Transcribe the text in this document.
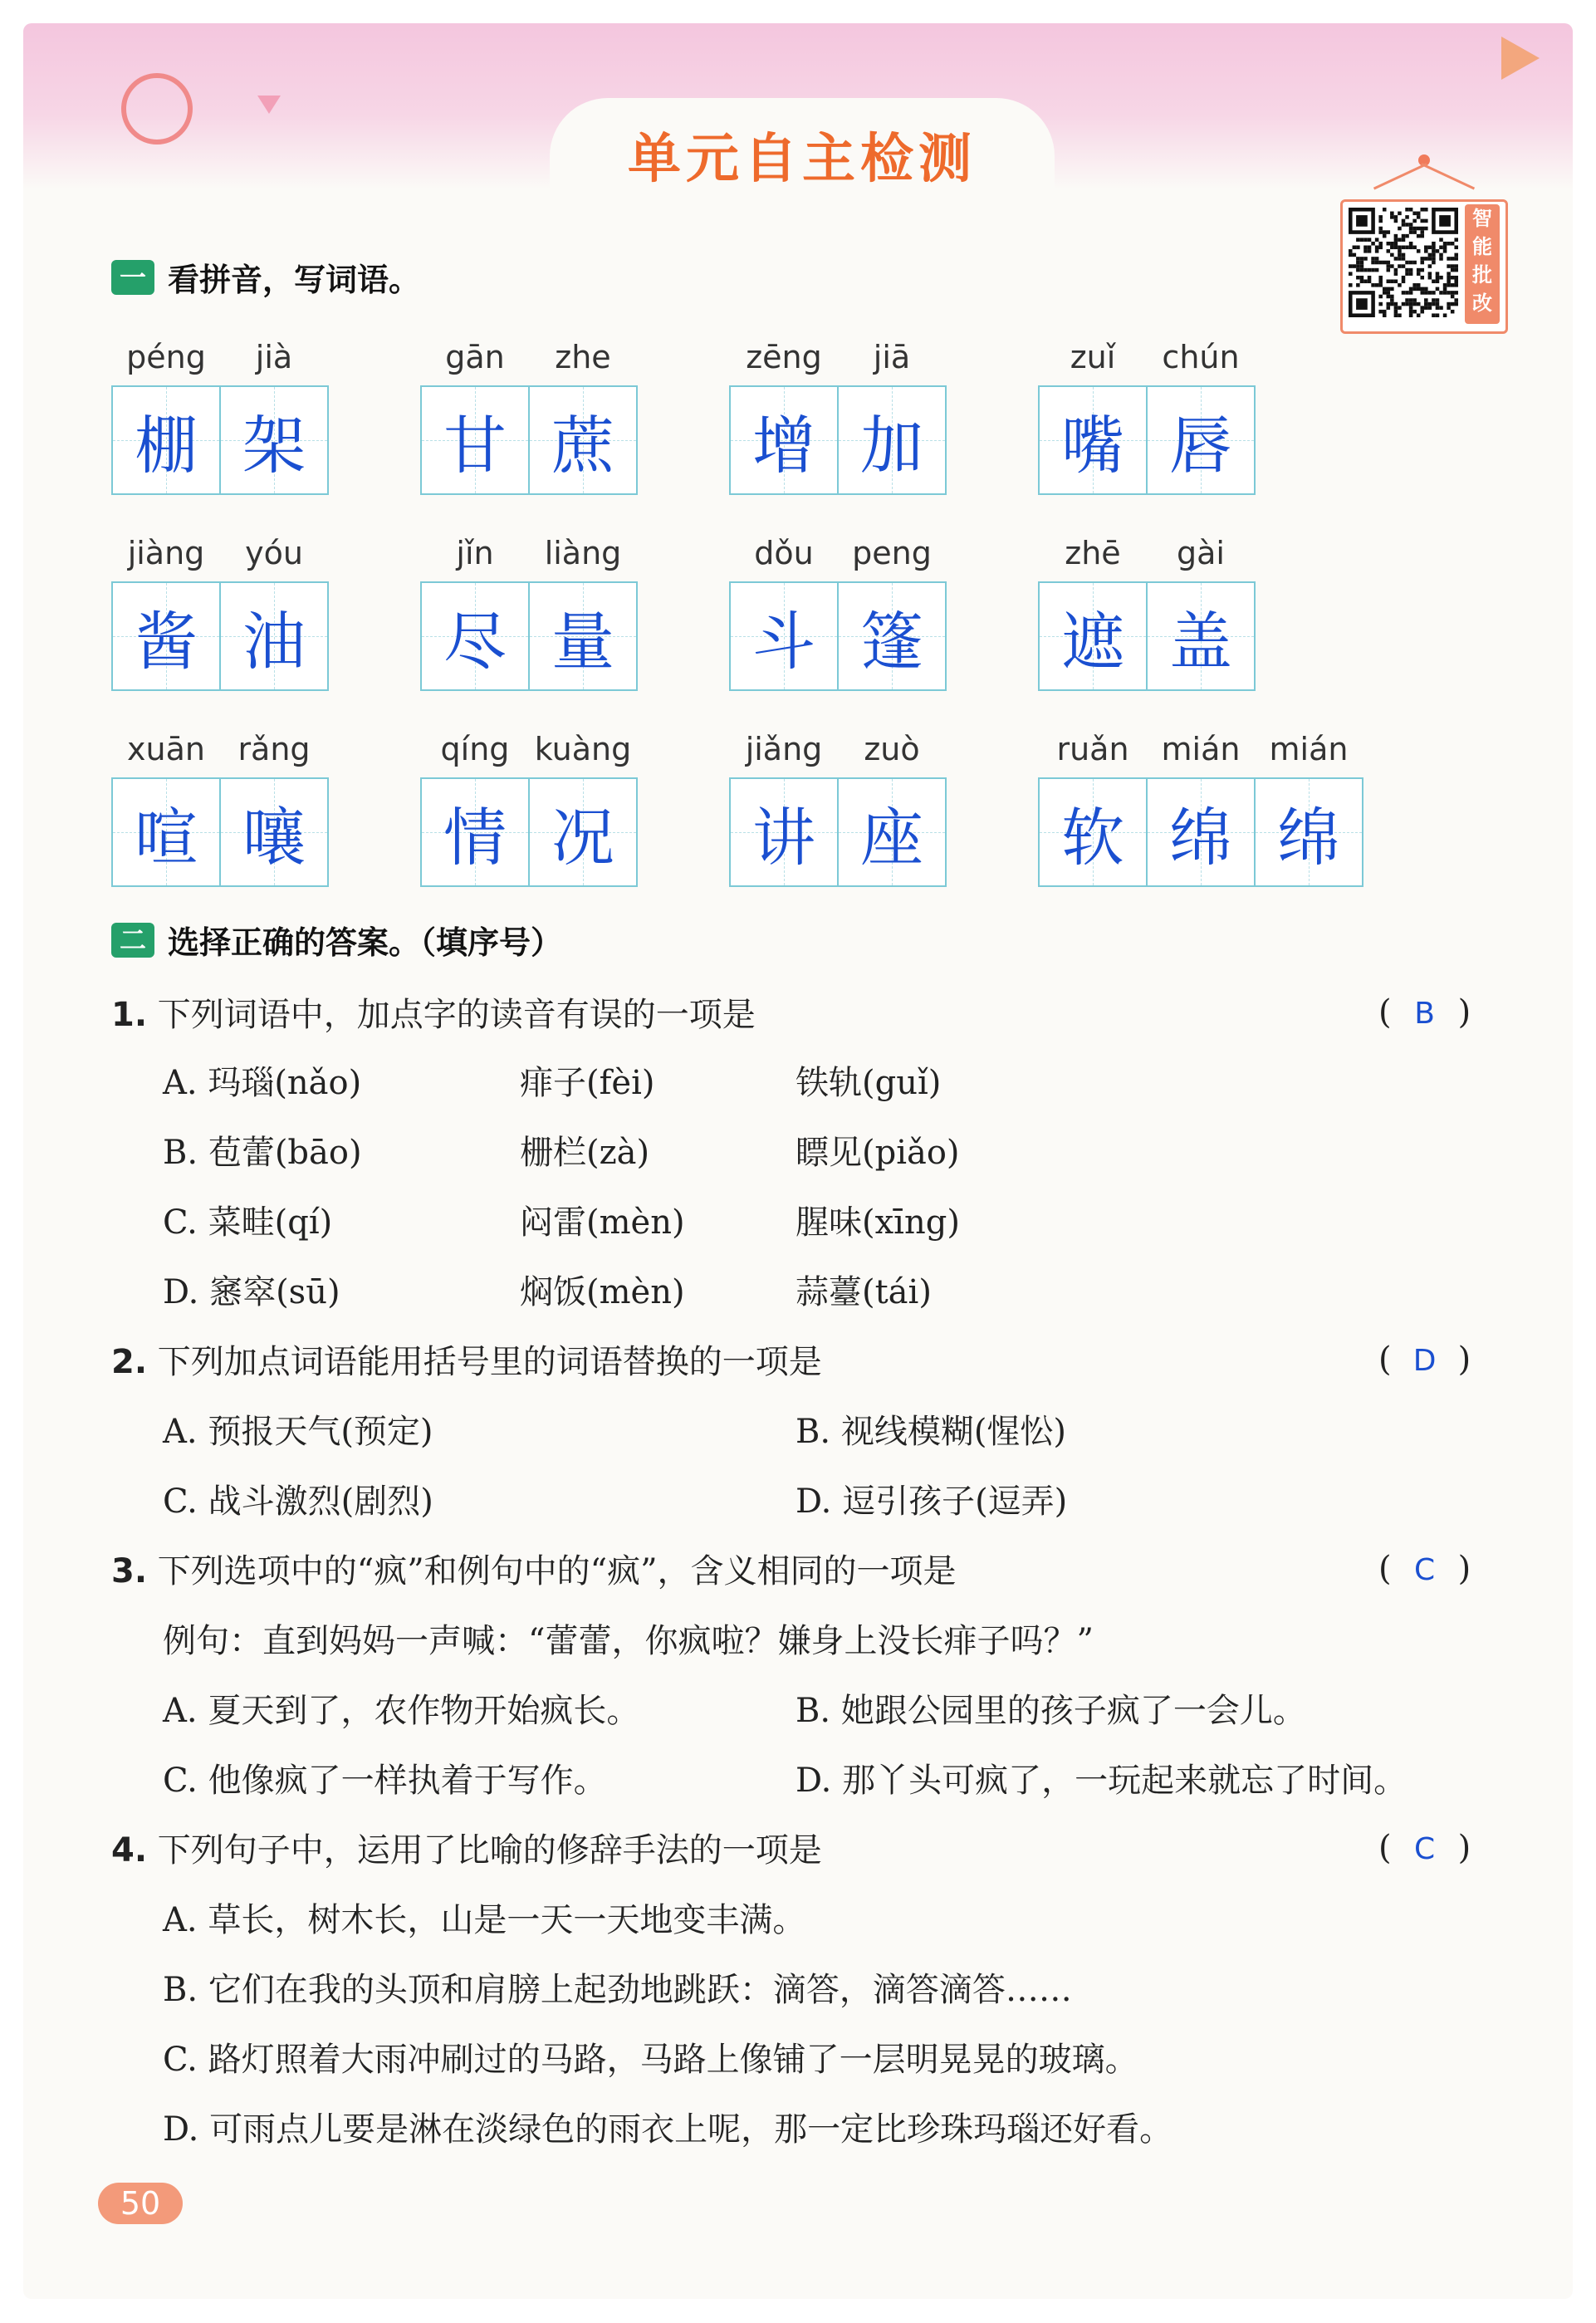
单元自主检测
智
能
批
改
一 看拼音，写词语。
péng	jià
棚 架
gān	zhe
甘 蔗
zēng	jiā
增 加
zuǐ	chún
嘴 唇
jiàng	yóu
酱 油
jǐn	liàng
尽 量
dǒu	peng
斗 篷
zhē	gài
遮 盖
xuān	rǎng
喧 嚷
qíng kuàng
情 况
jiǎng	zuò
讲 座
ruǎn	mián mián
软 绵 绵
二 选择正确的答案。（填序号）
1. 下列词语中，加点字的读音有误的一项是	( B )
A. 玛瑙(nǎo)	痱子(fèi)	铁轨(guǐ)
B. 苞蕾(bāo)	栅栏(zà)	瞟见(piǎo)
C. 菜畦(qí)	闷雷(mèn)	腥味(xīng)
D. 窸窣(sū)	焖饭(mèn)	蒜薹(tái)
2. 下列加点词语能用括号里的词语替换的一项是	( D )
A. 预报天气(预定)	B. 视线模糊(惺忪)
C. 战斗激烈(剧烈)	D. 逗引孩子(逗弄)
3. 下列选项中的“疯”和例句中的“疯”，含义相同的一项是	( C )
例句：直到妈妈一声喊：“蕾蕾，你疯啦？嫌身上没长痱子吗？”
A. 夏天到了，农作物开始疯长。	B. 她跟公园里的孩子疯了一会儿。
C. 他像疯了一样执着于写作。	D. 那丫头可疯了，一玩起来就忘了时间。
4. 下列句子中，运用了比喻的修辞手法的一项是	( C )
A. 草长，树木长，山是一天一天地变丰满。
B. 它们在我的头顶和肩膀上起劲地跳跃：滴答，滴答滴答……
C. 路灯照着大雨冲刷过的马路，马路上像铺了一层明晃晃的玻璃。
D. 可雨点儿要是淋在淡绿色的雨衣上呢，那一定比珍珠玛瑙还好看。
50
